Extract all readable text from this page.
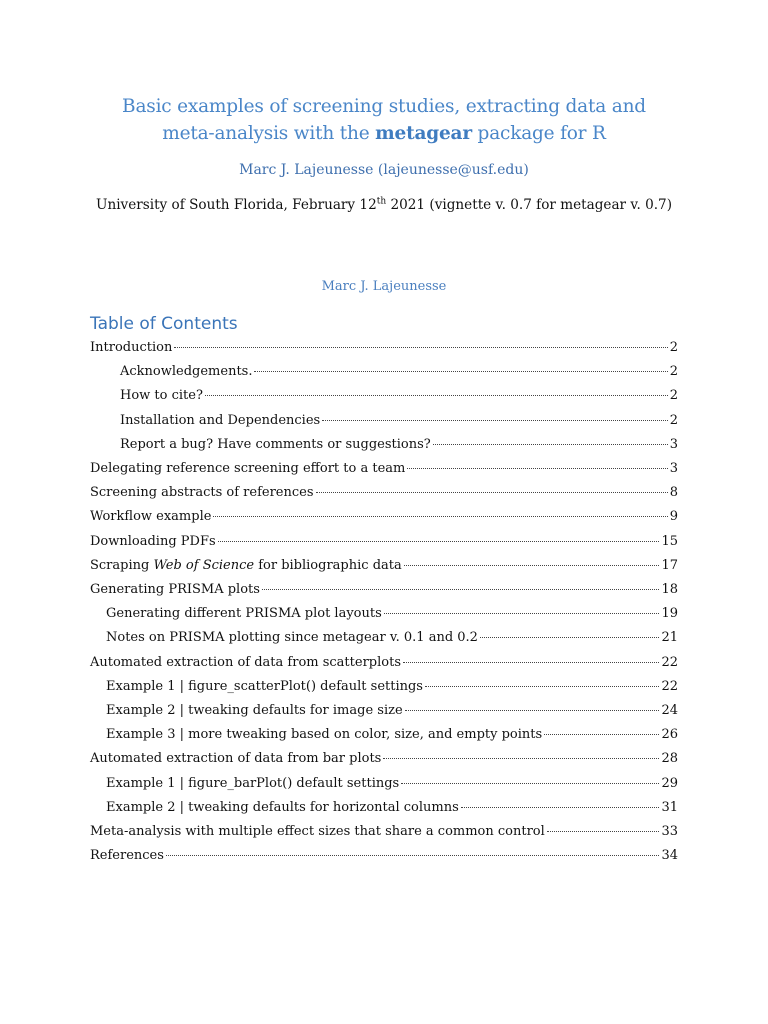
Basic examples of screening studies, extracting data and
meta-analysis with the metagear package for R
Marc J. Lajeunesse (lajeunesse@usf.edu)
University of South Florida, February 12th 2021 (vignette v. 0.7 for metagear v. 0.7)
Marc J. Lajeunesse
Table of Contents
Introduction	2
Acknowledgements.	2
How to cite?	2
Installation and Dependencies	2
Report a bug? Have comments or suggestions?	3
Delegating reference screening effort to a team	3
Screening abstracts of references	8
Workflow example	9
Downloading PDFs	15
Scraping Web of Science for bibliographic data	17
Generating PRISMA plots	18
Generating different PRISMA plot layouts	19
Notes on PRISMA plotting since metagear v. 0.1 and 0.2	21
Automated extraction of data from scatterplots	22
Example 1 | figure_scatterPlot() default settings	22
Example 2 | tweaking defaults for image size	24
Example 3 | more tweaking based on color, size, and empty points	26
Automated extraction of data from bar plots	28
Example 1 | figure_barPlot() default settings	29
Example 2 | tweaking defaults for horizontal columns	31
Meta-analysis with multiple effect sizes that share a common control	33
References	34
